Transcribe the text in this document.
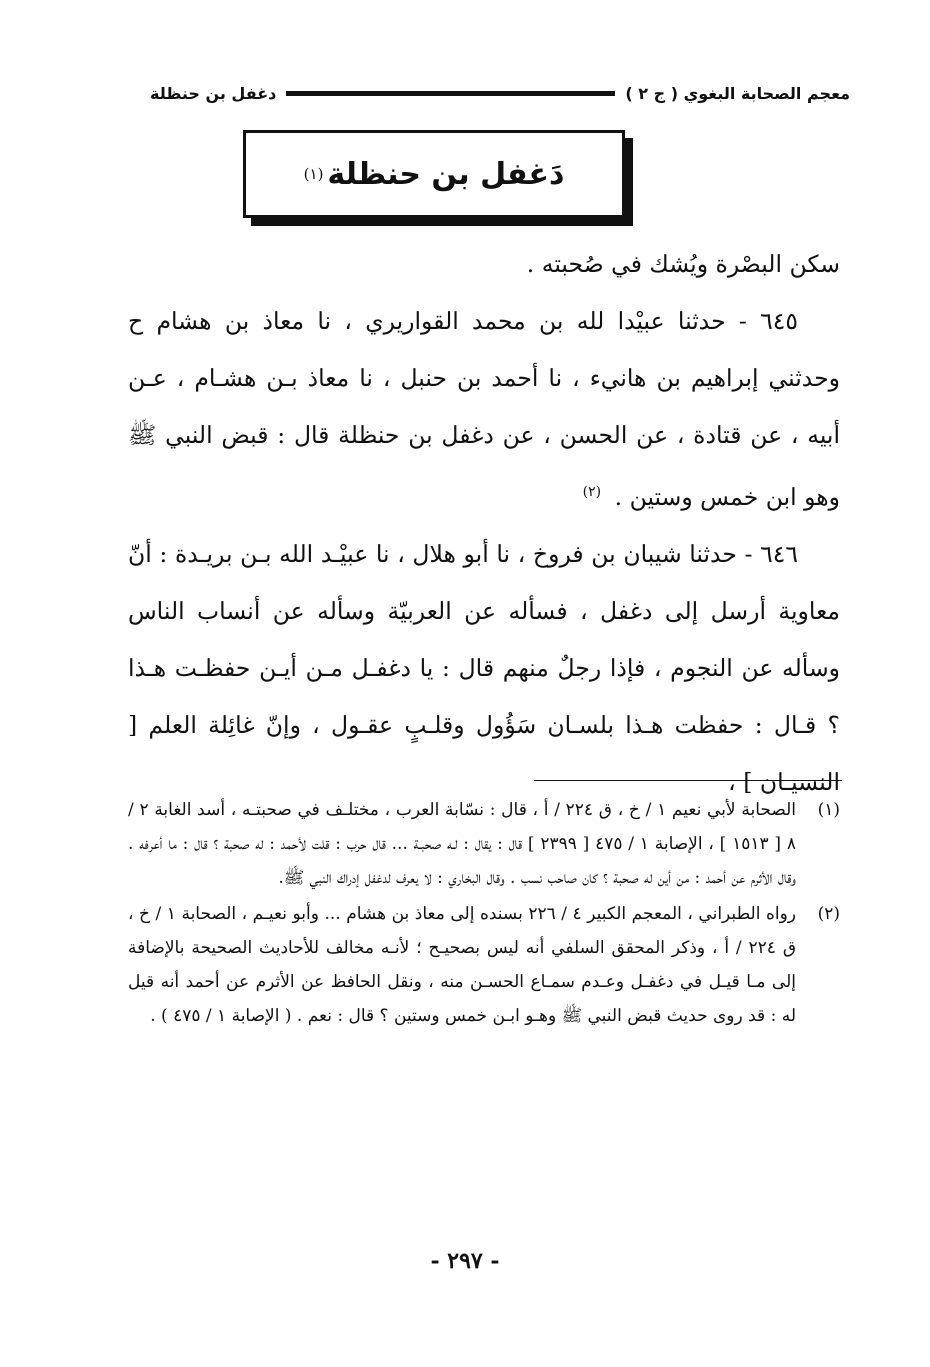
معجم الصحابة البغوي ( ج ٢ )
دغفل بن حنظلة
دَغفل بن حنظلة
(١)

سكن البصْرة ويُشك في صُحبته .

٦٤٥ - حدثنا عبيْدا لله بن محمد القواريري ، نا معاذ بن هشام ح وحدثني إبراهيم بن هانيء ، نا أحمد بن حنبل ، نا معاذ بـن هشـام ، عـن أبيه ، عن قتادة ، عن الحسن ، عن دغفل بن حنظلة قال : قبض النبي ﷺ وهو ابن خمس وستين . $^{(٢)}$

٦٤٦ - حدثنا شيبان بن فروخ ، نا أبو هلال ، نا عبيْـد الله بـن بريـدة : أنّ معاوية أرسل إلى دغفل ، فسأله عن العربيّة وسأله عن أنساب الناس وسأله عن النجوم ، فإذا رجلٌ منهم قال : يا دغفـل مـن أيـن حفظـت هـذا ؟ قـال : حفظت هـذا بلسـان سَؤُول وقلـبٍ عقـول ، وإنّ غائِلة العلم [ النسيـان ] ،

(١)
الصحابة لأبي نعيم ١ / خ ، ق ٢٢٤ / أ ، قال : نسّابة العرب ، مختلـف في صحبتـه ، أسد الغابة ٢ / ٨ [ ١٥١٣ ] ، الإصابة ١ / ٤٧٥ [ ٢٣٩٩ ] قال : يقال : لـه صحبـة ... قال حرب : قلت لأحمد : له صحبة ؟ قال : ما أعرفه . وقال الأثرم عن أحمد : من أين له صحبة ؟ كان صاحب نسب . وقال البخاري : لا يعرف لدغفل إدراك النبي ﷺ.
(٢)
رواه الطبراني ، المعجم الكبير ٤ / ٢٢٦ بسنده إلى معاذ بن هشام ... وأبو نعيـم ، الصحابة ١ / خ ، ق ٢٢٤ / أ ، وذكر المحقق السلفي أنه ليس بصحيـح ؛ لأنـه مخالف للأحاديث الصحيحة بالإضافة إلى مـا قيـل في دغفـل وعـدم سمـاع الحسـن منه ، ونقل الحافظ عن الأثرم عن أحمد أنه قيل له : قد روى حديث قبض النبي ﷺ وهـو ابـن خمس وستين ؟ قال : نعم . ( الإصابة ١ / ٤٧٥ ) .
- ٢٩٧ -
